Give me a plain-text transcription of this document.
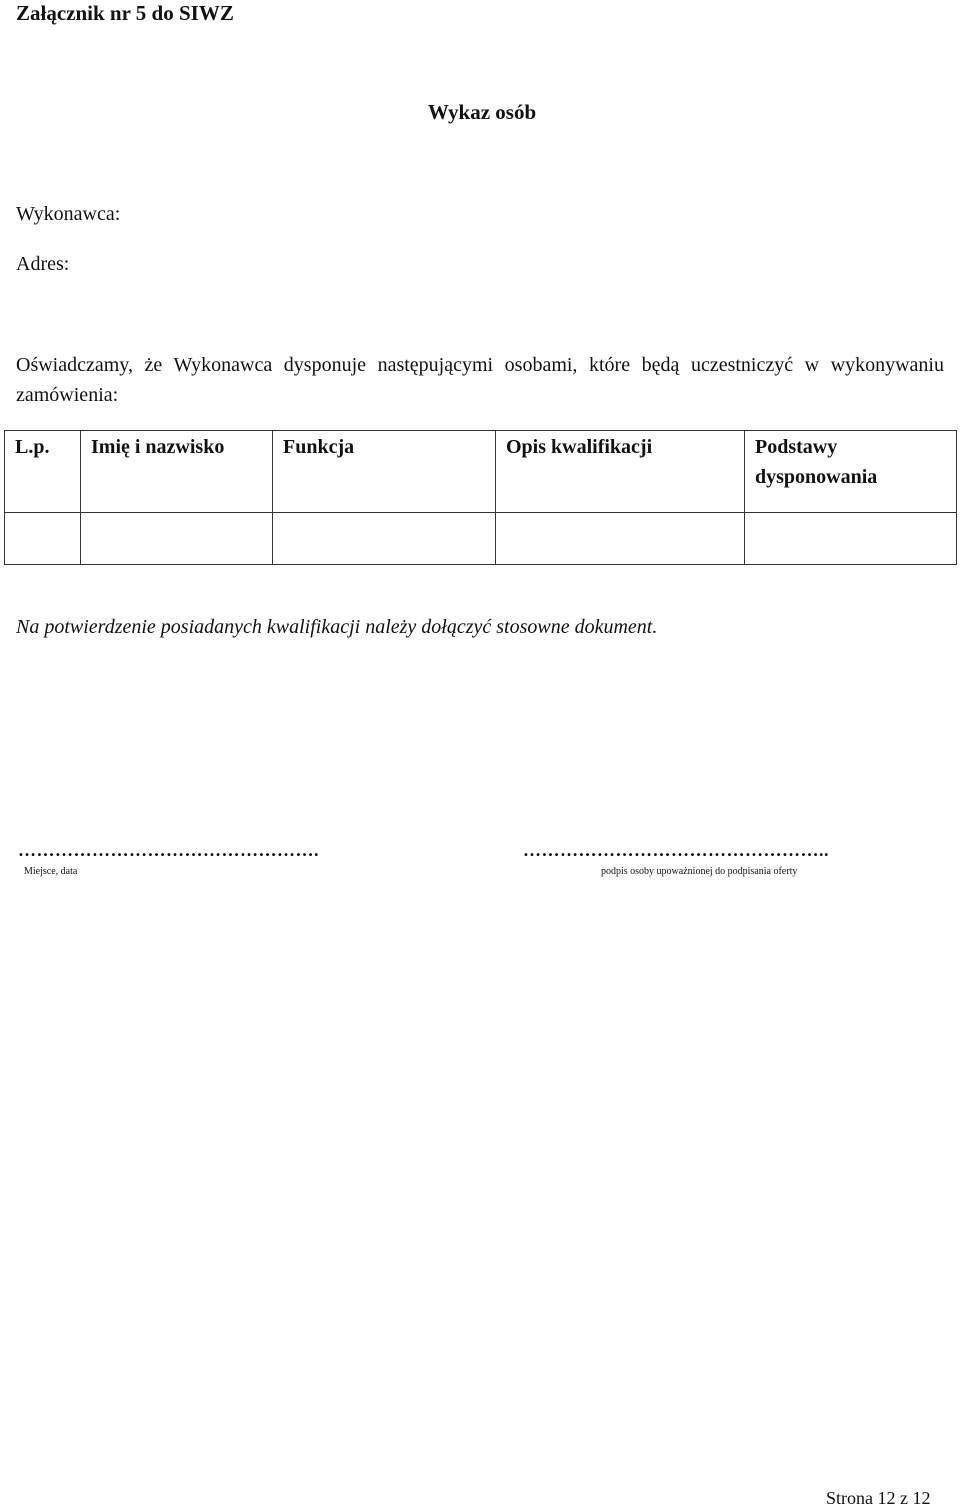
Załącznik nr 5 do SIWZ
Wykaz osób
Wykonawca:
Adres:
Oświadczamy, że Wykonawca dysponuje następującymi osobami, które będą uczestniczyć w wykonywaniu zamówienia:
L.p.	Imię i nazwisko	Funkcja	Opis kwalifikacji	Podstawy dysponowania

Na potwierdzenie posiadanych kwalifikacji należy dołączyć stosowne dokument.
………………………………………….
Miejsce, data
…………………………………………..
podpis osoby upoważnionej do podpisania oferty
Strona 12 z 12
